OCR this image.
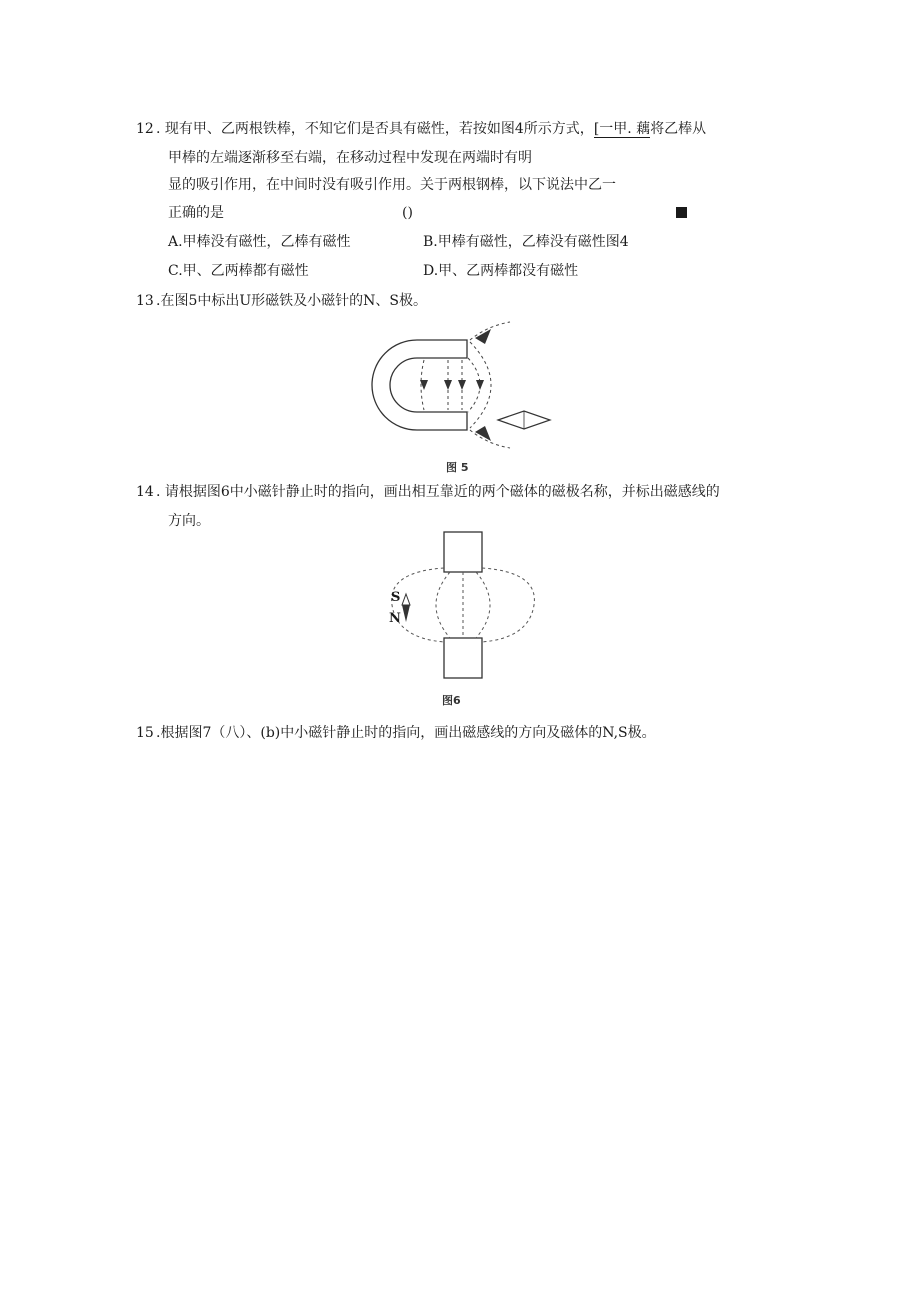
12 . 现有甲、乙两根铁棒，不知它们是否具有磁性，若按如图4所示方式，[一甲. 藕将乙棒从
甲棒的左端逐渐移至右端，在移动过程中发现在两端时有明
显的吸引作用，在中间时没有吸引作用。关于两根钢棒，以下说法中乙一
正确的是	()
A.甲棒没有磁性，乙棒有磁性	B.甲棒有磁性，乙棒没有磁性图4
C.甲、乙两棒都有磁性	D.甲、乙两棒都没有磁性
13 .在图5中标出U形磁铁及小磁针的N、S极。
图 5
14 . 请根据图6中小磁针静止时的指向，画出相互靠近的两个磁体的磁极名称，并标出磁感线的
方向。
S
N
图6
15 .根据图7（八）、(b)中小磁针静止时的指向，画出磁感线的方向及磁体的N,S极。
